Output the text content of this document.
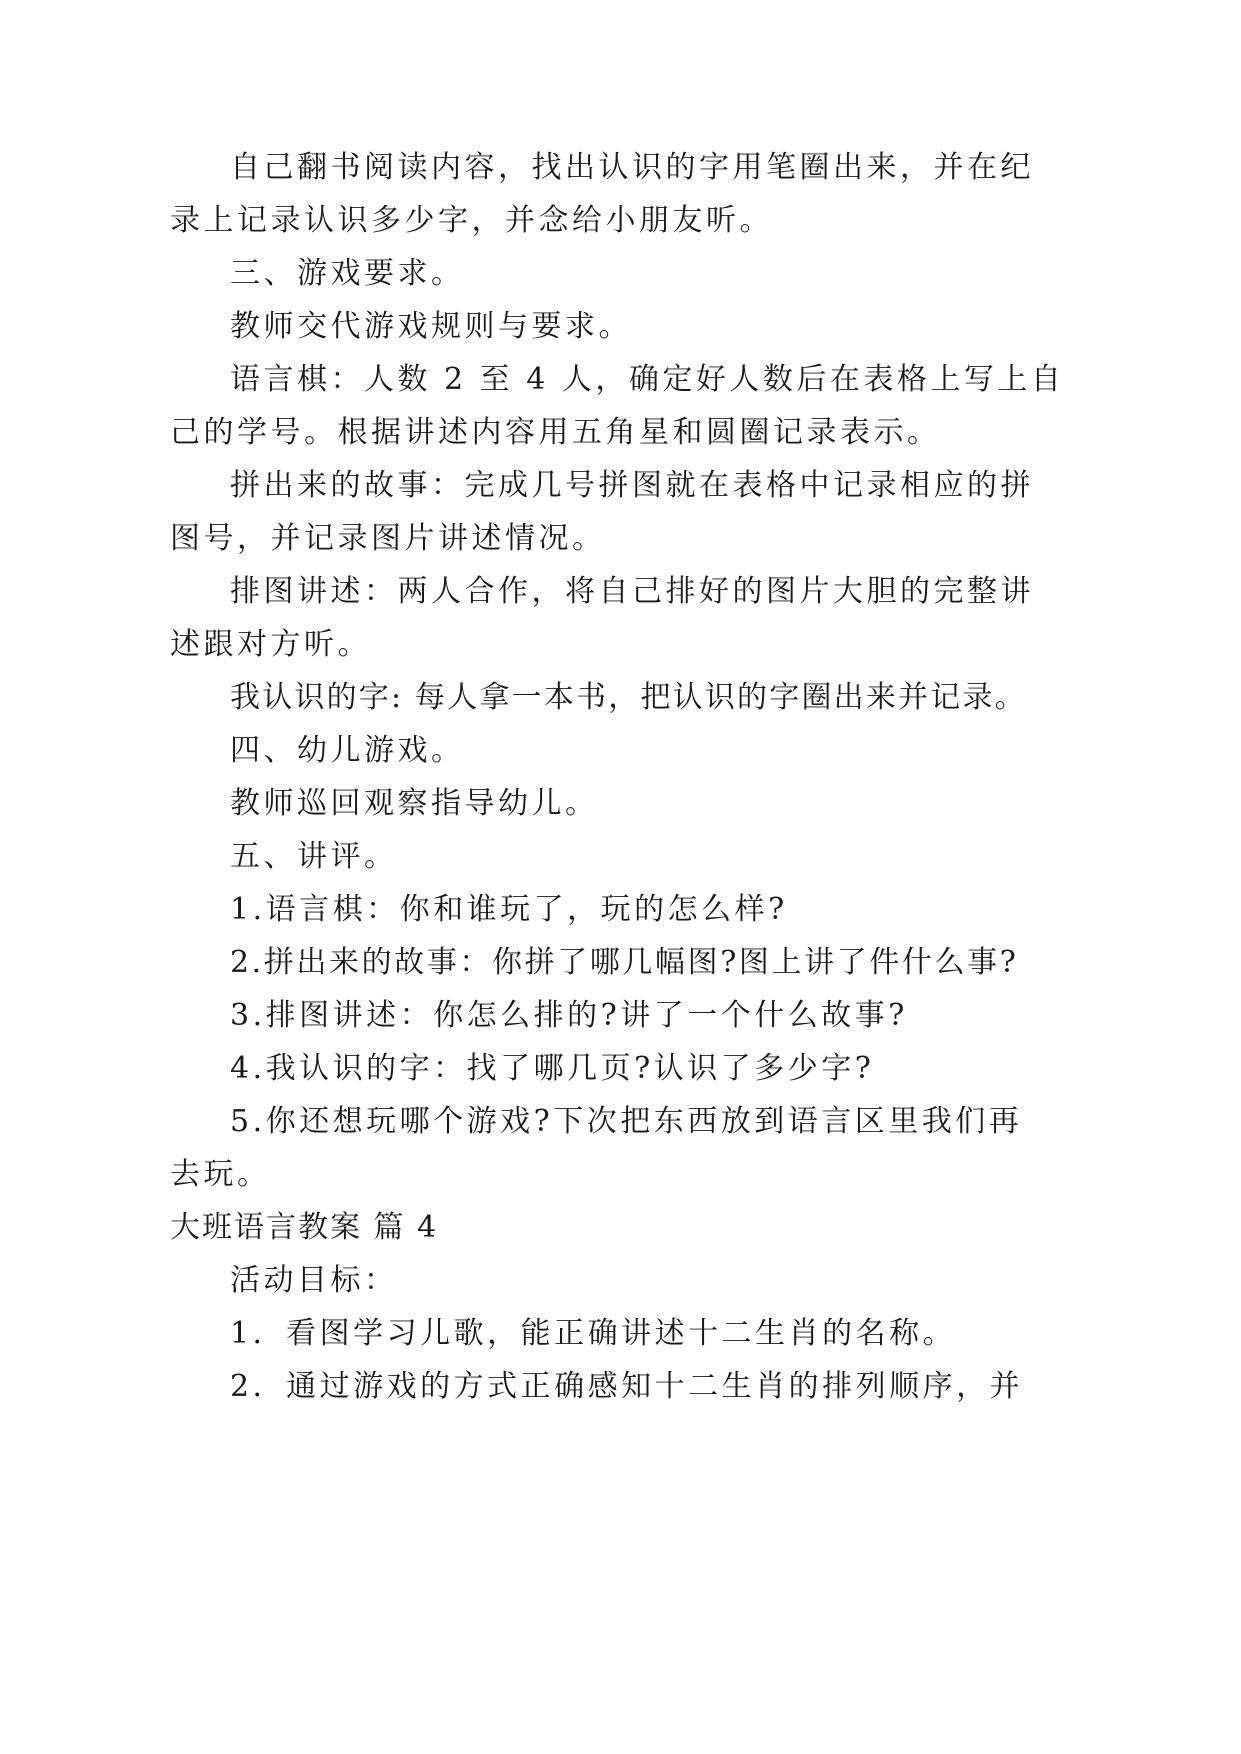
自己翻书阅读内容，找出认识的字用笔圈出来，并在纪
录上记录认识多少字，并念给小朋友听。
三、游戏要求。
教师交代游戏规则与要求。
语言棋：人数 2 至 4 人，确定好人数后在表格上写上自
己的学号。根据讲述内容用五角星和圆圈记录表示。
拼出来的故事：完成几号拼图就在表格中记录相应的拼
图号，并记录图片讲述情况。
排图讲述：两人合作，将自己排好的图片大胆的完整讲
述跟对方听。
我认识的字: 每人拿一本书，把认识的字圈出来并记录。
四、幼儿游戏。
教师巡回观察指导幼儿。
五、讲评。
1.语言棋：你和谁玩了，玩的怎么样?
2.拼出来的故事：你拼了哪几幅图?图上讲了件什么事?
3.排图讲述：你怎么排的?讲了一个什么故事?
4.我认识的字：找了哪几页?认识了多少字?
5.你还想玩哪个游戏?下次把东西放到语言区里我们再
去玩。
大班语言教案 篇 4
活动目标：
1．看图学习儿歌，能正确讲述十二生肖的名称。
2．通过游戏的方式正确感知十二生肖的排列顺序，并
